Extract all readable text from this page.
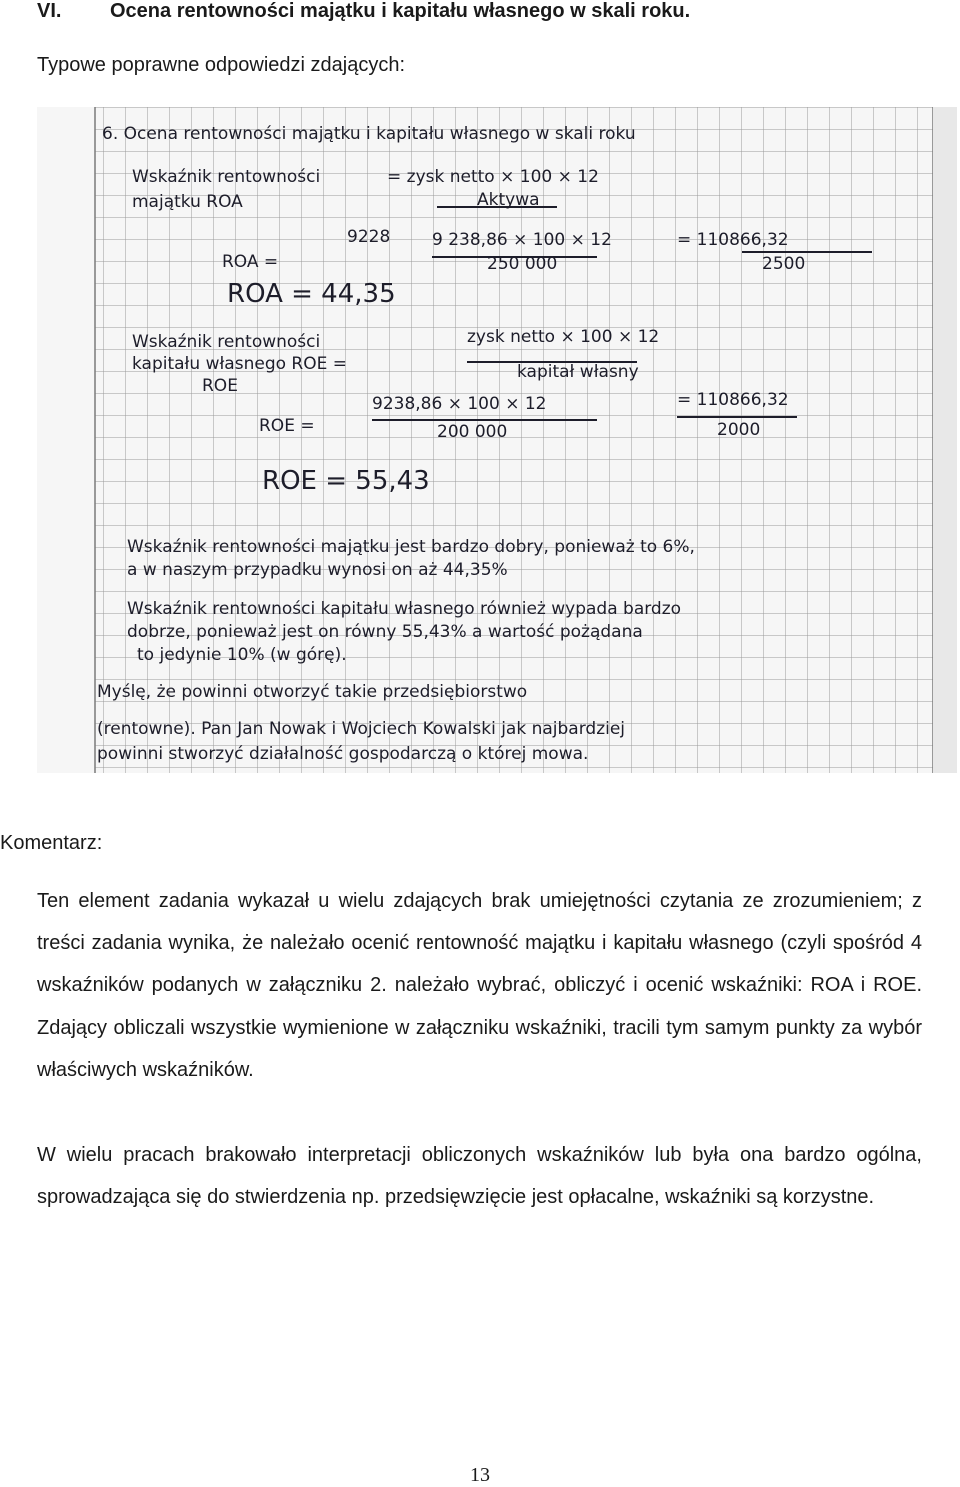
VI. Ocena rentowności majątku i kapitału własnego w skali roku.
Typowe poprawne odpowiedzi zdających:
6. Ocena rentowności majątku i kapitału własnego w skali roku
Wskaźnik rentowności	= zysk netto × 100 × 12
majątku ROA	Aktywa
9228 9 238,86 × 100 × 12	= 110866,32
ROA =	250 000	2500
ROA = 44,35
Wskaźnik rentowności	zysk netto × 100 × 12
kapitału własnego ROE =	kapitał własny
ROE
9238,86 × 100 × 12	= 110866,32
ROE =	200 000	2000
ROE = 55,43
Wskaźnik rentowności majątku jest bardzo dobry, ponieważ to 6%,
a w naszym przypadku wynosi on aż 44,35%
Wskaźnik rentowności kapitału własnego również wypada bardzo
dobrze, ponieważ jest on równy 55,43% a wartość pożądana
to jedynie 10% (w górę).
Myślę, że powinni otworzyć takie przedsiębiorstwo
(rentowne). Pan Jan Nowak i Wojciech Kowalski jak najbardziej
powinni stworzyć działalność gospodarczą o której mowa.
Komentarz:
Ten element zadania wykazał u wielu zdających brak umiejętności czytania ze zrozumieniem; z treści zadania wynika, że należało ocenić rentowność majątku i kapitału własnego (czyli spośród 4 wskaźników podanych w załączniku 2. należało wybrać, obliczyć i ocenić wskaźniki: ROA i ROE. Zdający obliczali wszystkie wymienione w załączniku wskaźniki, tracili tym samym punkty za wybór właściwych wskaźników.
W wielu pracach brakowało interpretacji obliczonych wskaźników lub była ona bardzo ogólna, sprowadzająca się do stwierdzenia np. przedsięwzięcie jest opłacalne, wskaźniki są korzystne.
13
